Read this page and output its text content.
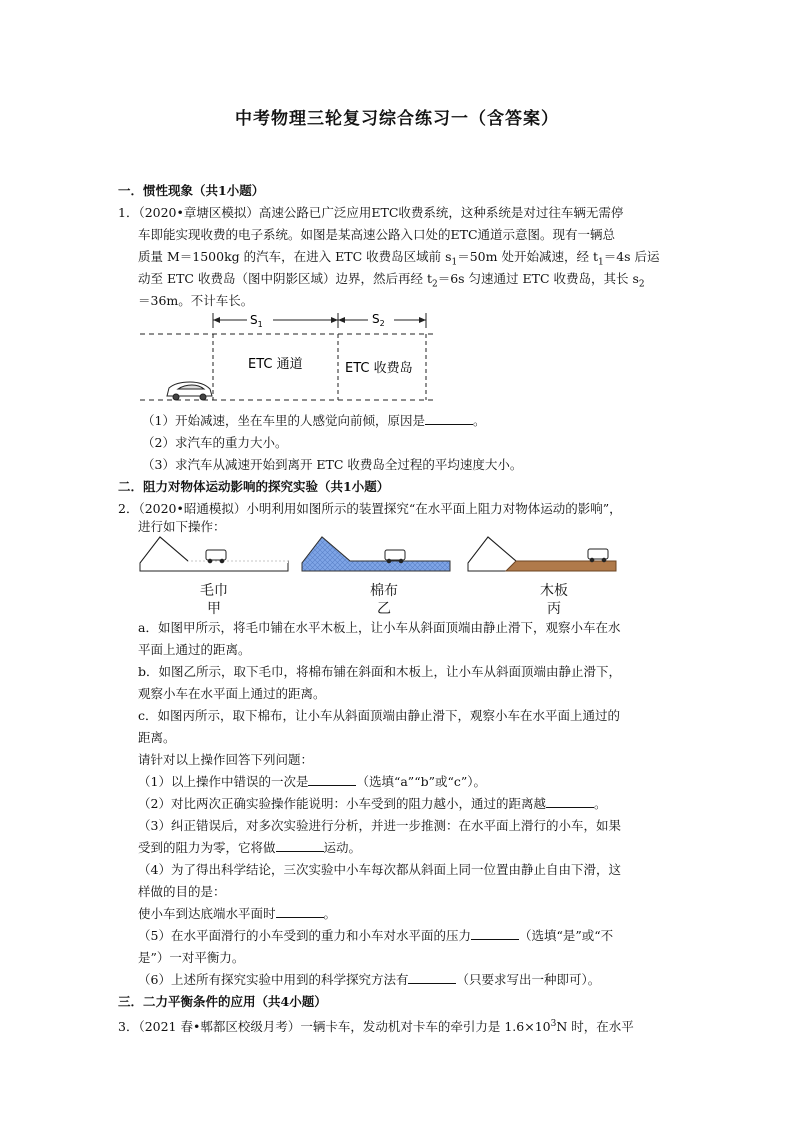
中考物理三轮复习综合练习一（含答案）
一．惯性现象（共1小题）
1．（2020•章塘区模拟）高速公路已广泛应用ETC收费系统，这种系统是对过往车辆无需停
车即能实现收费的电子系统。如图是某高速公路入口处的ETC通道示意图。现有一辆总
质量 M＝1500kg 的汽车，在进入 ETC 收费岛区域前 $s_1=50m$ 处开始减速，经 $t_1=4s$ 后运
动至 ETC 收费岛（图中阴影区域）边界，然后再经 $t_2=6s$ 匀速通过 ETC 收费岛，其长 $s_2$
＝36m。不计车长。
$S_1$	$S_2$
ETC 通道	ETC 收费岛
（1）开始减速，坐在车里的人感觉向前倾，原因是	。
（2）求汽车的重力大小。
（3）求汽车从减速开始到离开 ETC 收费岛全过程的平均速度大小。
二．阻力对物体运动影响的探究实验（共1小题）
2．（2020•昭通模拟）小明利用如图所示的装置探究“在水平面上阻力对物体运动的影响”，
进行如下操作：
毛巾
甲
棉布
乙
木板
丙
a．如图甲所示，将毛巾铺在水平木板上，让小车从斜面顶端由静止滑下，观察小车在水
平面上通过的距离。
b．如图乙所示，取下毛巾，将棉布铺在斜面和木板上，让小车从斜面顶端由静止滑下，
观察小车在水平面上通过的距离。
c．如图丙所示，取下棉布，让小车从斜面顶端由静止滑下，观察小车在水平面上通过的
距离。
请针对以上操作回答下列问题：
（1）以上操作中错误的一次是	（选填“a”“b”或“c”）。
（2）对比两次正确实验操作能说明：小车受到的阻力越小，通过的距离越	。
（3）纠正错误后，对多次实验进行分析，并进一步推测：在水平面上滑行的小车，如果
受到的阻力为零，它将做	运动。
（4）为了得出科学结论，三次实验中小车每次都从斜面上同一位置由静止自由下滑，这
样做的目的是：
使小车到达底端水平面时	。
（5）在水平面滑行的小车受到的重力和小车对水平面的压力	（选填“是”或“不
是”）一对平衡力。
（6）上述所有探究实验中用到的科学探究方法有	（只要求写出一种即可）。
三．二力平衡条件的应用（共4小题）
3．（2021 春•郫都区校级月考）一辆卡车，发动机对卡车的牵引力是 $1.6\times 10^3N$ 时，在水平
